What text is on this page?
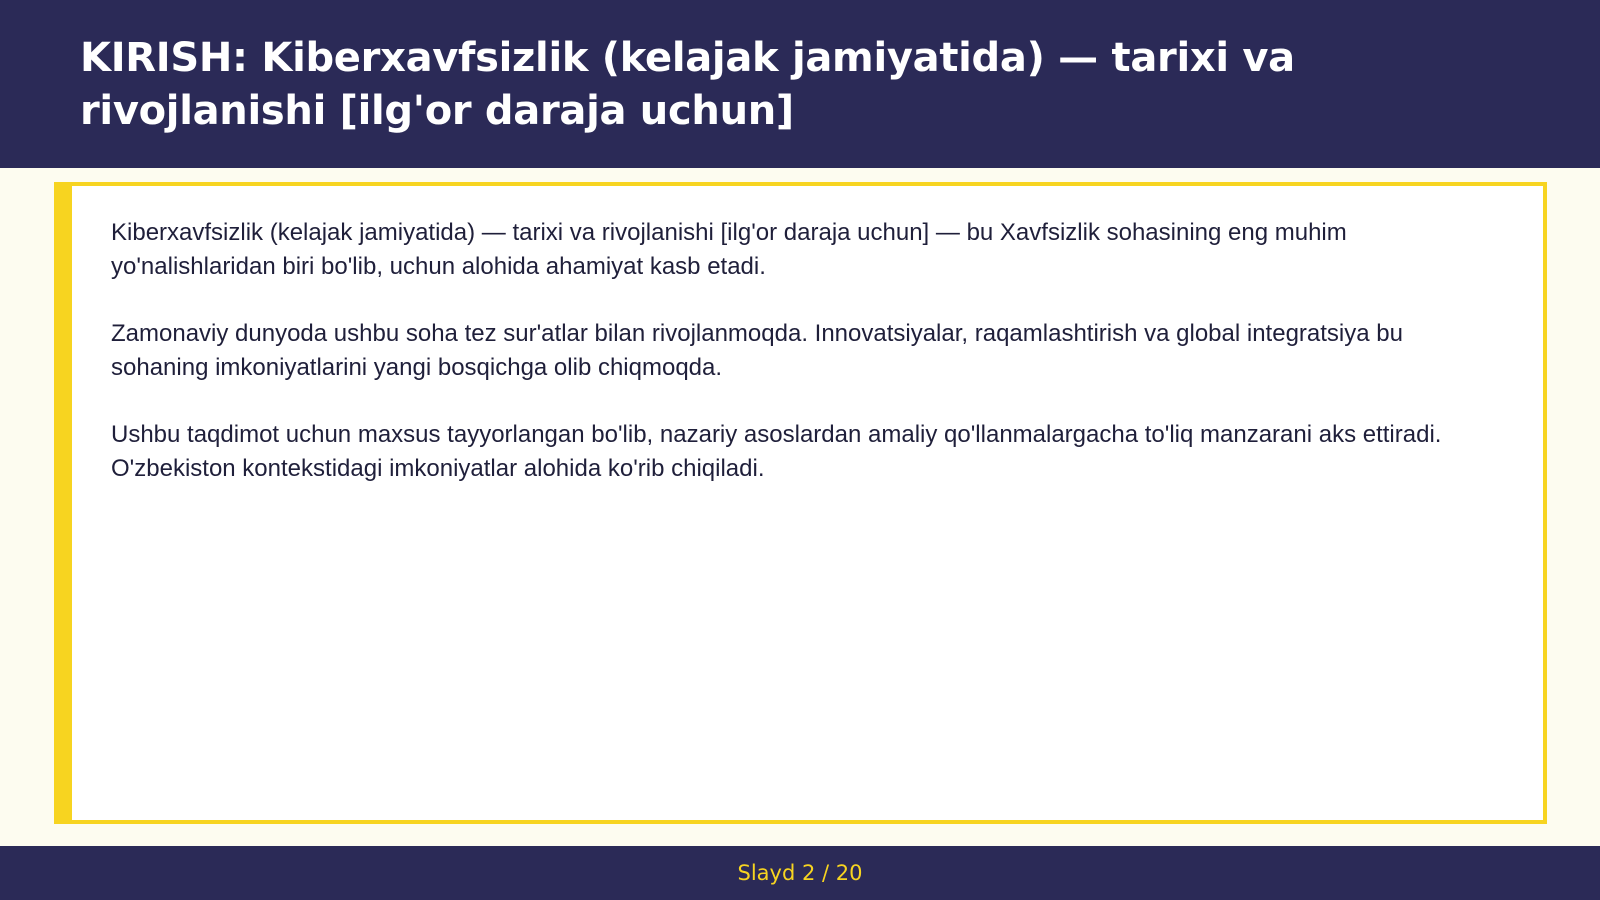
KIRISH: Kiberxavfsizlik (kelajak jamiyatida) — tarixi va rivojlanishi [ilg'or daraja uchun]

Kiberxavfsizlik (kelajak jamiyatida) — tarixi va rivojlanishi [ilg'or daraja uchun] — bu Xavfsizlik sohasining eng muhim yo'nalishlaridan biri bo'lib, uchun alohida ahamiyat kasb etadi.

Zamonaviy dunyoda ushbu soha tez sur'atlar bilan rivojlanmoqda. Innovatsiyalar, raqamlashtirish va global integratsiya bu sohaning imkoniyatlarini yangi bosqichga olib chiqmoqda.

Ushbu taqdimot uchun maxsus tayyorlangan bo'lib, nazariy asoslardan amaliy qo'llanmalargacha to'liq manzarani aks ettiradi. O'zbekiston kontekstidagi imkoniyatlar alohida ko'rib chiqiladi.

Slayd 2 / 20
